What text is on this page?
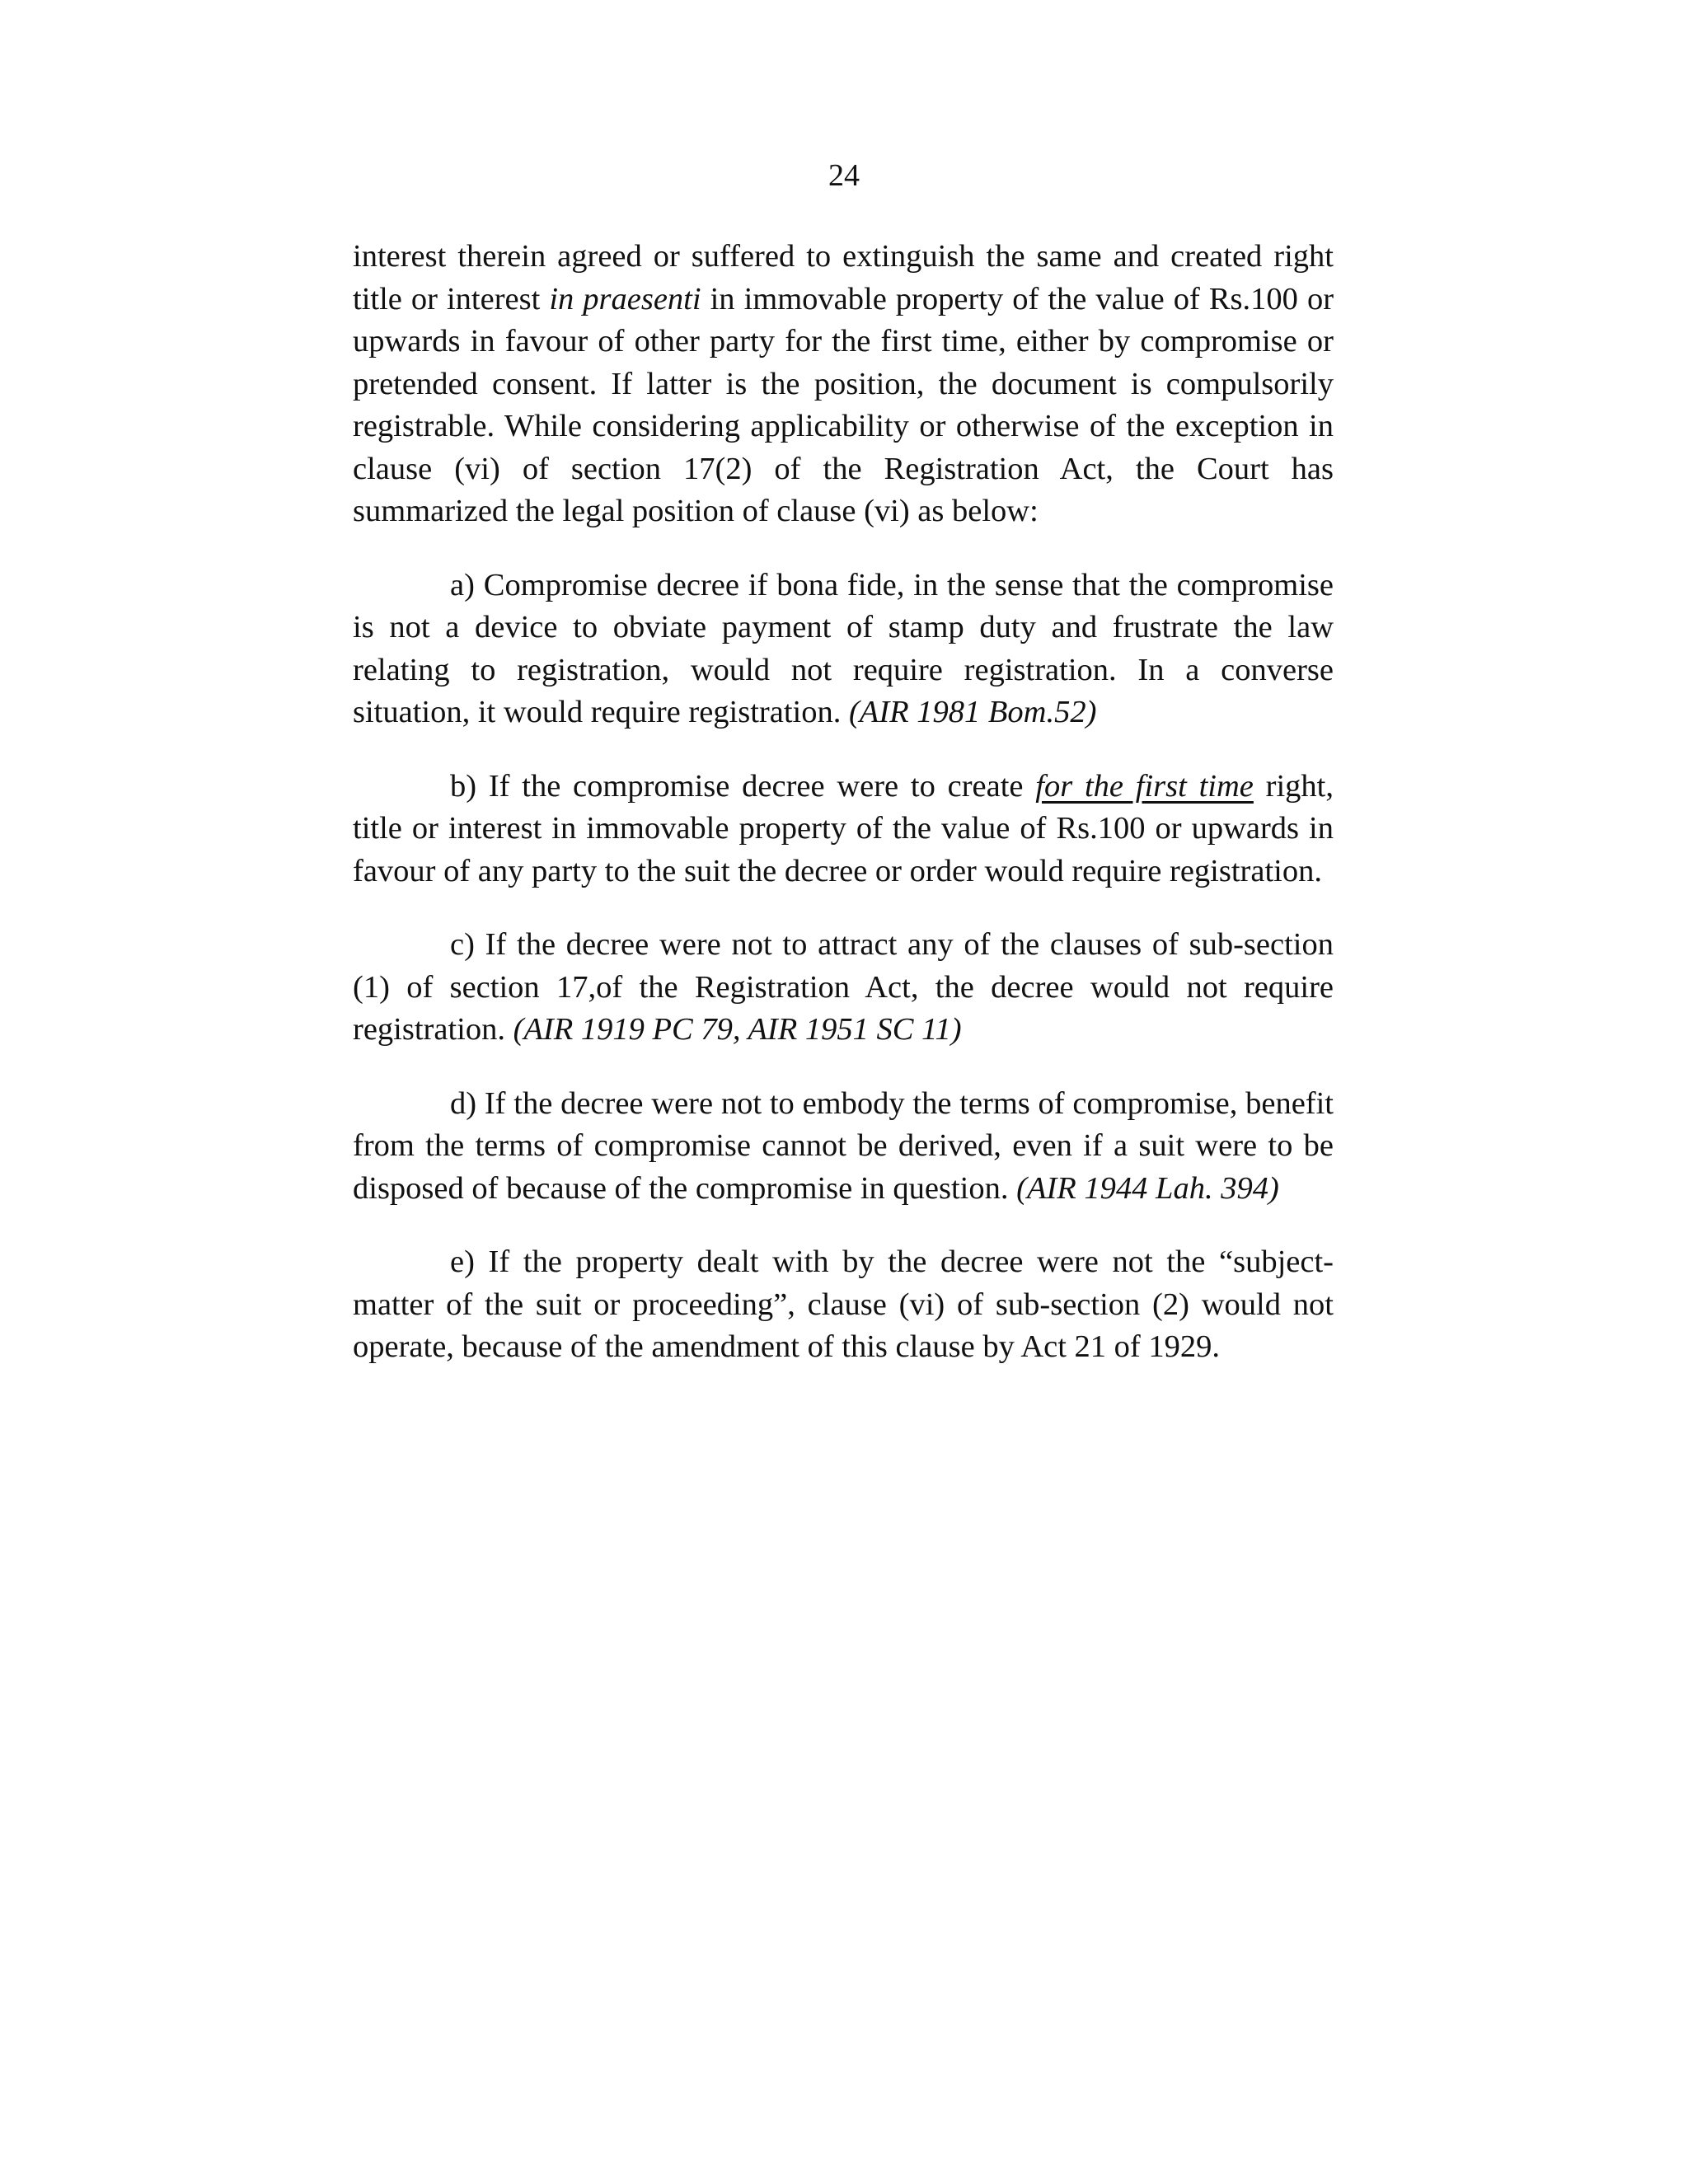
24

interest therein agreed or suffered to extinguish the same and created right title or interest in praesenti in immovable property of the value of Rs.100 or upwards in favour of other party for the first time, either by compromise or pretended consent. If latter is the position, the document is compulsorily registrable. While considering applicability or otherwise of the exception in clause (vi) of section 17(2) of the Registration Act, the Court has summarized the legal position of clause (vi) as below:

a) Compromise decree if bona fide, in the sense that the compromise is not a device to obviate payment of stamp duty and frustrate the law relating to registration, would not require registration. In a converse situation, it would require registration. (AIR 1981 Bom.52)

b) If the compromise decree were to create for the first time right, title or interest in immovable property of the value of Rs.100 or upwards in favour of any party to the suit the decree or order would require registration.

c) If the decree were not to attract any of the clauses of sub-section (1) of section 17,of the Registration Act, the decree would not require registration. (AIR 1919 PC 79, AIR 1951 SC 11)

d) If the decree were not to embody the terms of compromise, benefit from the terms of compromise cannot be derived, even if a suit were to be disposed of because of the compromise in question. (AIR 1944 Lah. 394)

e) If the property dealt with by the decree were not the “subject-matter of the suit or proceeding”, clause (vi) of sub-section (2) would not operate, because of the amendment of this clause by Act 21 of 1929.
